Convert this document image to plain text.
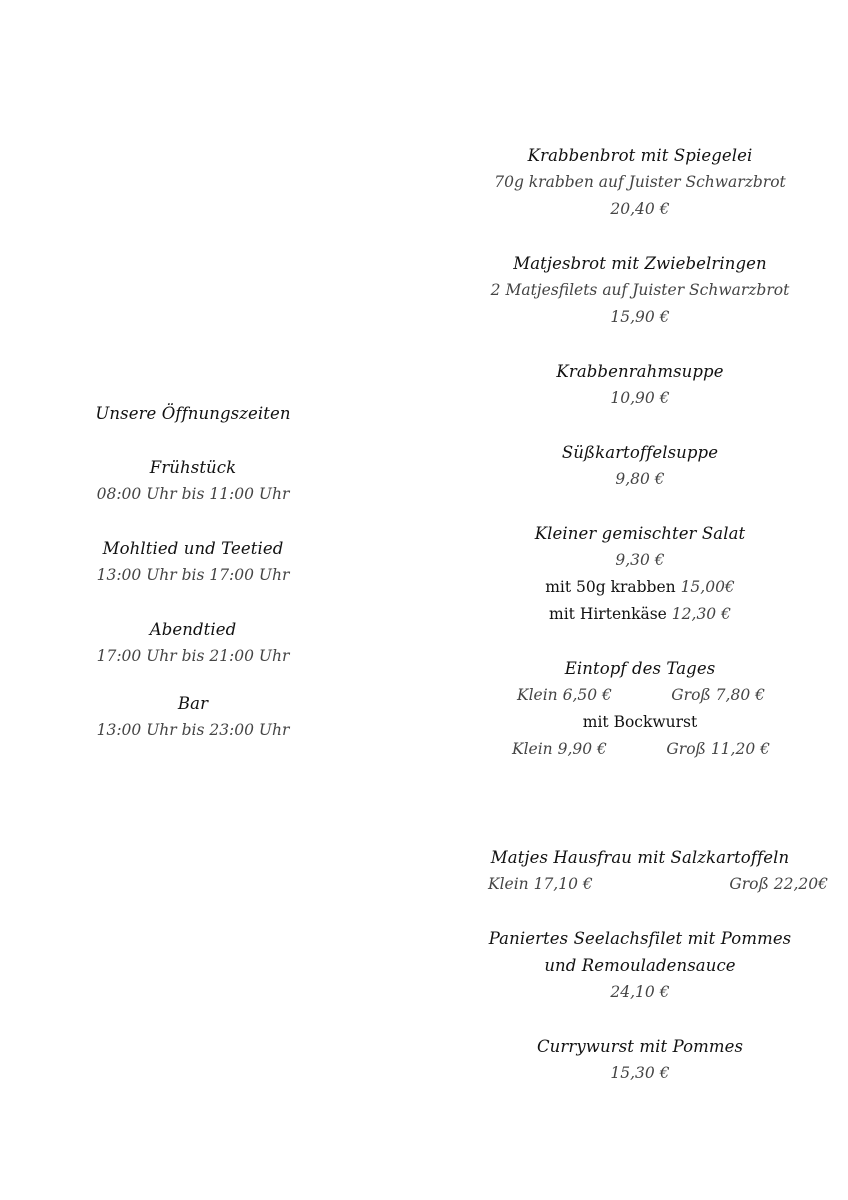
Unsere Öffnungszeiten
Frühstück
08:00 Uhr bis 11:00 Uhr
Mohltied und Teetied
13:00 Uhr bis 17:00 Uhr
Abendtied
17:00 Uhr bis 21:00 Uhr
Bar
13:00 Uhr bis 23:00 Uhr
Krabbenbrot mit Spiegelei
70g krabben auf Juister Schwarzbrot
20,40 €
Matjesbrot mit Zwiebelringen
2 Matjesfilets auf Juister Schwarzbrot
15,90 €
Krabbenrahmsuppe
10,90 €
Süßkartoffelsuppe
9,80 €
Kleiner gemischter Salat
9,30 €
mit 50g krabben 15,00€
mit Hirtenkäse 12,30 €
Eintopf des Tages
Klein 6,50 €	Groß 7,80 €
mit Bockwurst
Klein 9,90 €	Groß 11,20 €
Matjes Hausfrau mit Salzkartoffeln
Klein 17,10 €	Groß 22,20€
Paniertes Seelachsfilet mit Pommes
und Remouladensauce
24,10 €
Currywurst mit Pommes
15,30 €
